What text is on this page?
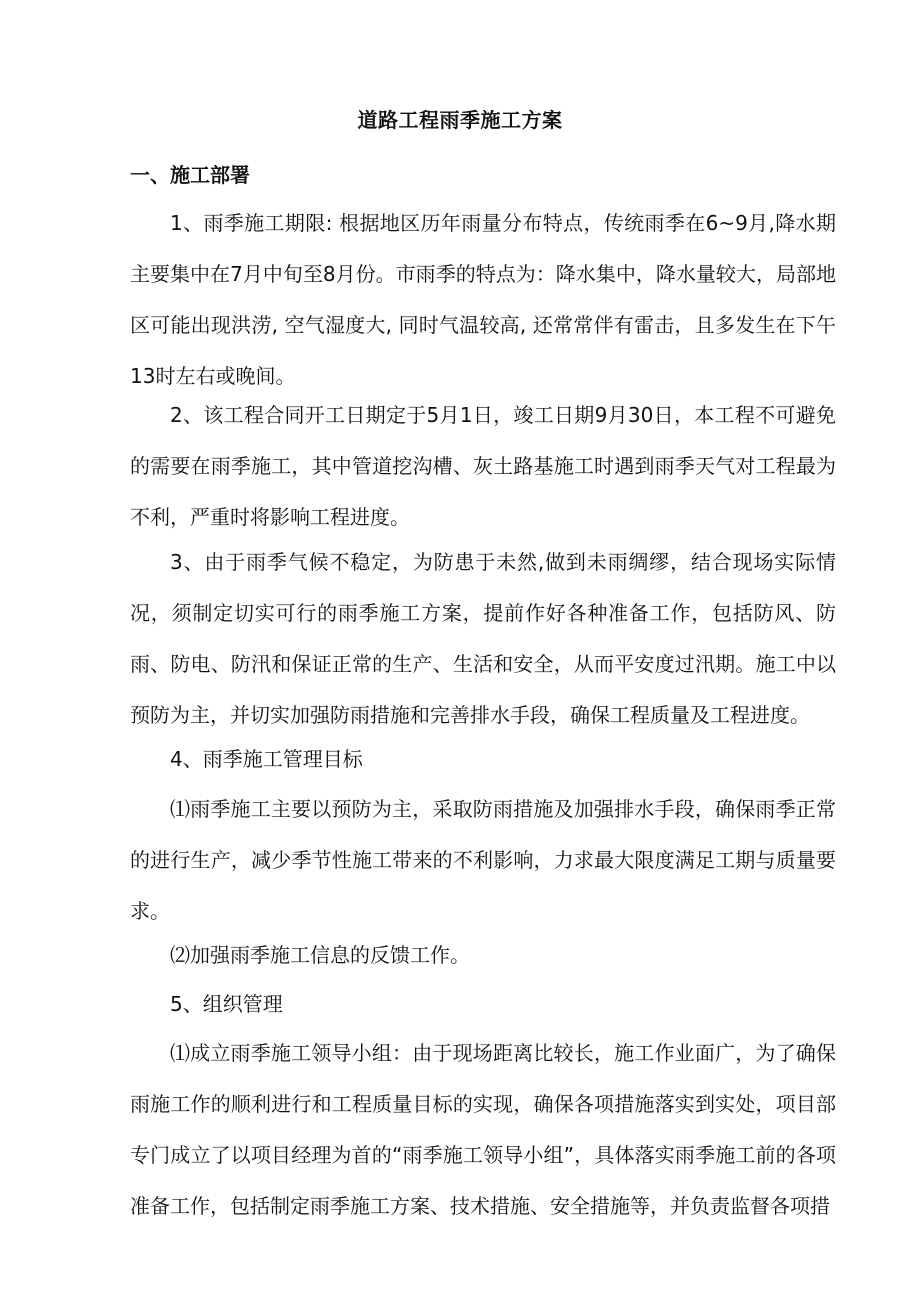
道路工程雨季施工方案
一、施工部署

1、雨季施工期限: 根据地区历年雨量分布特点，传统雨季在6~9月,降水期主要集中在7月中旬至8月份。市雨季的特点为：降水集中，降水量较大，局部地区可能出现洪涝, 空气湿度大, 同时气温较高, 还常常伴有雷击，且多发生在下午13时左右或晚间。

2、该工程合同开工日期定于5月1日，竣工日期9月30日，本工程不可避免的需要在雨季施工，其中管道挖沟槽、灰土路基施工时遇到雨季天气对工程最为不利，严重时将影响工程进度。

3、由于雨季气候不稳定，为防患于未然,做到未雨绸缪，结合现场实际情况，须制定切实可行的雨季施工方案，提前作好各种准备工作，包括防风、防雨、防电、防汛和保证正常的生产、生活和安全，从而平安度过汛期。施工中以预防为主，并切实加强防雨措施和完善排水手段，确保工程质量及工程进度。

4、雨季施工管理目标

⑴雨季施工主要以预防为主，采取防雨措施及加强排水手段，确保雨季正常的进行生产，减少季节性施工带来的不利影响，力求最大限度满足工期与质量要求。

⑵加强雨季施工信息的反馈工作。

5、组织管理

⑴成立雨季施工领导小组：由于现场距离比较长，施工作业面广，为了确保雨施工作的顺利进行和工程质量目标的实现，确保各项措施落实到实处，项目部专门成立了以项目经理为首的“雨季施工领导小组”，具体落实雨季施工前的各项准备工作，包括制定雨季施工方案、技术措施、安全措施等，并负责监督各项措
